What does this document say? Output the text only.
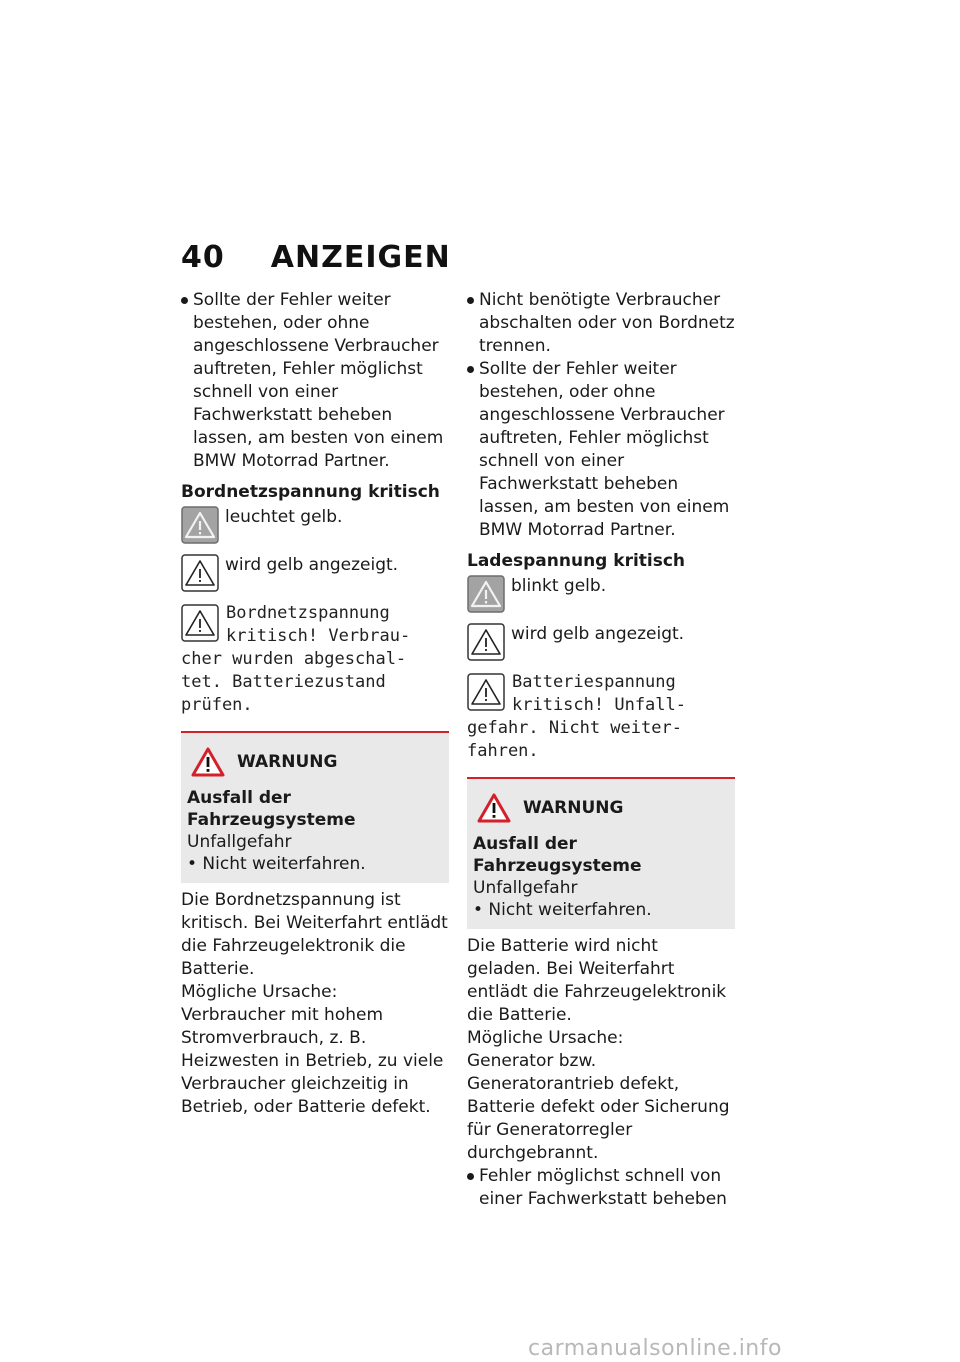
40 ANZEIGEN
Sollte der Fehler weiter bestehen, oder ohne angeschlossene Verbraucher auftreten, Fehler möglichst schnell von einer Fachwerkstatt beheben lassen, am besten von einem BMW Motorrad Partner.
Bordnetzspannung kritisch
leuchtet gelb.
wird gelb angezeigt.
Bordnetzspannung
kritisch! Verbrau-
cher wurden abgeschal-
tet. Batteriezustand
prüfen.
WARNUNG
Ausfall der Fahrzeugsysteme
Unfallgefahr
• Nicht weiterfahren.

Die Bordnetzspannung ist kritisch. Bei Weiterfahrt entlädt die Fahrzeugelektronik die Batterie.

Mögliche Ursache:

Verbraucher mit hohem Stromverbrauch, z. B. Heizwesten in Betrieb, zu viele Verbraucher gleichzeitig in Betrieb, oder Batterie defekt.

Nicht benötigte Verbraucher abschalten oder von Bordnetz trennen.
Sollte der Fehler weiter bestehen, oder ohne angeschlossene Verbraucher auftreten, Fehler möglichst schnell von einer Fachwerkstatt beheben lassen, am besten von einem BMW Motorrad Partner.
Ladespannung kritisch
blinkt gelb.
wird gelb angezeigt.
Batteriespannung
kritisch! Unfall-
gefahr. Nicht weiter-
fahren.
WARNUNG
Ausfall der Fahrzeugsysteme
Unfallgefahr
• Nicht weiterfahren.

Die Batterie wird nicht geladen. Bei Weiterfahrt entlädt die Fahrzeugelektronik die Batterie.

Mögliche Ursache:

Generator bzw. Generatorantrieb defekt, Batterie defekt oder Sicherung für Generatorregler durchgebrannt.

Fehler möglichst schnell von einer Fachwerkstatt beheben
carmanualsonline.info
